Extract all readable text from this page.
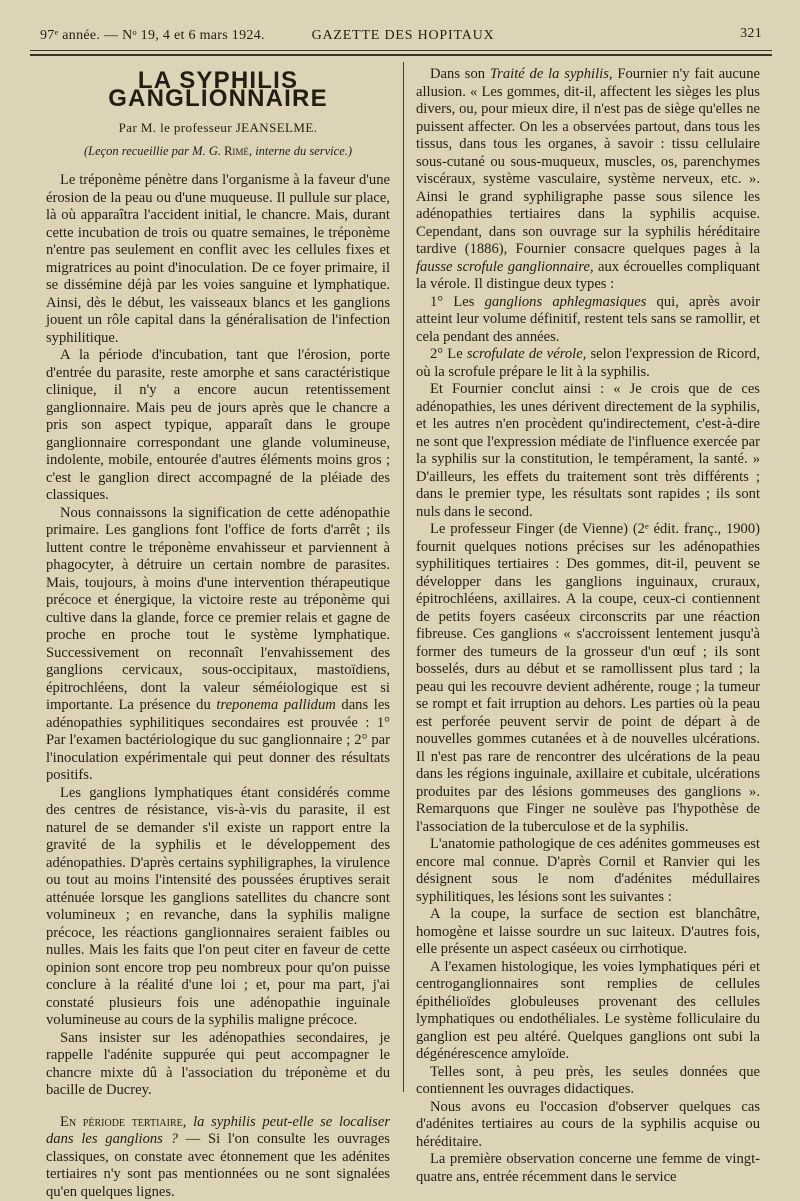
97ᵉ année. — Nᵒ 19, 4 et 6 mars 1924.	GAZETTE DES HOPITAUX	321
LA SYPHILIS GANGLIONNAIRE
Par M. le professeur JEANSELME.
(Leçon recueillie par M. G. Rimé, interne du service.)

Le tréponème pénètre dans l'organisme à la faveur d'une érosion de la peau ou d'une muqueuse. Il pullule sur place, là où apparaîtra l'accident initial, le chancre. Mais, durant cette incubation de trois ou quatre semaines, le tréponème n'entre pas seulement en conflit avec les cellules fixes et migratrices au point d'inoculation. De ce foyer primaire, il se dissémine déjà par les voies sanguine et lymphatique. Ainsi, dès le début, les vaisseaux blancs et les ganglions jouent un rôle capital dans la généralisation de l'infection syphilitique.

A la période d'incubation, tant que l'érosion, porte d'entrée du parasite, reste amorphe et sans caractéristique clinique, il n'y a encore aucun retentissement ganglionnaire. Mais peu de jours après que le chancre a pris son aspect typique, apparaît dans le groupe ganglionnaire correspondant une glande volumineuse, indolente, mobile, entourée d'autres éléments moins gros ; c'est le ganglion direct accompagné de la pléiade des classiques.

Nous connaissons la signification de cette adénopathie primaire. Les ganglions font l'office de forts d'arrêt ; ils luttent contre le tréponème envahisseur et parviennent à phagocyter, à détruire un certain nombre de parasites. Mais, toujours, à moins d'une intervention thérapeutique précoce et énergique, la victoire reste au tréponème qui cultive dans la glande, force ce premier relais et gagne de proche en proche tout le système lymphatique. Successivement on reconnaît l'envahissement des ganglions cervicaux, sous-occipitaux, mastoïdiens, épitrochléens, dont la valeur séméiologique est si importante. La présence du treponema pallidum dans les adénopathies syphilitiques secondaires est prouvée : 1° Par l'examen bactériologique du suc ganglionnaire ; 2° par l'inoculation expérimentale qui peut donner des résultats positifs.

Les ganglions lymphatiques étant considérés comme des centres de résistance, vis-à-vis du parasite, il est naturel de se demander s'il existe un rapport entre la gravité de la syphilis et le développement des adénopathies. D'après certains syphiligraphes, la virulence ou tout au moins l'intensité des poussées éruptives serait atténuée lorsque les ganglions satellites du chancre sont volumineux ; en revanche, dans la syphilis maligne précoce, les réactions ganglionnaires seraient faibles ou nulles. Mais les faits que l'on peut citer en faveur de cette opinion sont encore trop peu nombreux pour qu'on puisse conclure à la réalité d'une loi ; et, pour ma part, j'ai constaté plusieurs fois une adénopathie inguinale volumineuse au cours de la syphilis maligne précoce.

Sans insister sur les adénopathies secondaires, je rappelle l'adénite suppurée qui peut accompagner le chancre mixte dû à l'association du tréponème et du bacille de Ducrey.

En période tertiaire, la syphilis peut-elle se localiser dans les ganglions ? — Si l'on consulte les ouvrages classiques, on constate avec étonnement que les adénites tertiaires n'y sont pas mentionnées ou ne sont signalées qu'en quelques lignes.

Dans son Traité de la syphilis, Fournier n'y fait aucune allusion. « Les gommes, dit-il, affectent les sièges les plus divers, ou, pour mieux dire, il n'est pas de siège qu'elles ne puissent affecter. On les a observées partout, dans tous les tissus, dans tous les organes, à savoir : tissu cellulaire sous-cutané ou sous-muqueux, muscles, os, parenchymes viscéraux, système vasculaire, système nerveux, etc. ». Ainsi le grand syphiligraphe passe sous silence les adénopathies tertiaires dans la syphilis acquise. Cependant, dans son ouvrage sur la syphilis héréditaire tardive (1886), Fournier consacre quelques pages à la fausse scrofule ganglionnaire, aux écrouelles compliquant la vérole. Il distingue deux types :

1° Les ganglions aphlegmasiques qui, après avoir atteint leur volume définitif, restent tels sans se ramollir, et cela pendant des années.

2° Le scrofulate de vérole, selon l'expression de Ricord, où la scrofule prépare le lit à la syphilis.

Et Fournier conclut ainsi : « Je crois que de ces adénopathies, les unes dérivent directement de la syphilis, et les autres n'en procèdent qu'indirectement, c'est-à-dire ne sont que l'expression médiate de l'influence exercée par la syphilis sur la constitution, le tempérament, la santé. » D'ailleurs, les effets du traitement sont très différents ; dans le premier type, les résultats sont rapides ; ils sont nuls dans le second.

Le professeur Finger (de Vienne) (2ᵉ édit. franç., 1900) fournit quelques notions précises sur les adénopathies syphilitiques tertiaires : Des gommes, dit-il, peuvent se développer dans les ganglions inguinaux, cruraux, épitrochléens, axillaires. A la coupe, ceux-ci contiennent de petits foyers caséeux circonscrits par une réaction fibreuse. Ces ganglions « s'accroissent lentement jusqu'à former des tumeurs de la grosseur d'un œuf ; ils sont bosselés, durs au début et se ramollissent plus tard ; la peau qui les recouvre devient adhérente, rouge ; la tumeur se rompt et fait irruption au dehors. Les parties où la peau est perforée peuvent servir de point de départ à de nouvelles gommes cutanées et à de nouvelles ulcérations. Il n'est pas rare de rencontrer des ulcérations de la peau dans les régions inguinale, axillaire et cubitale, ulcérations produites par des lésions gommeuses des ganglions ». Remarquons que Finger ne soulève pas l'hypothèse de l'association de la tuberculose et de la syphilis.

L'anatomie pathologique de ces adénites gommeuses est encore mal connue. D'après Cornil et Ranvier qui les désignent sous le nom d'adénites médullaires syphilitiques, les lésions sont les suivantes :

A la coupe, la surface de section est blanchâtre, homogène et laisse sourdre un suc laiteux. D'autres fois, elle présente un aspect caséeux ou cirrhotique.

A l'examen histologique, les voies lymphatiques péri et centroganglionnaires sont remplies de cellules épithélioïdes globuleuses provenant des cellules lymphatiques ou endothéliales. Le système folliculaire du ganglion est peu altéré. Quelques ganglions ont subi la dégénérescence amyloïde.

Telles sont, à peu près, les seules données que contiennent les ouvrages didactiques.

Nous avons eu l'occasion d'observer quelques cas d'adénites tertiaires au cours de la syphilis acquise ou héréditaire.

La première observation concerne une femme de vingt-quatre ans, entrée récemment dans le service
